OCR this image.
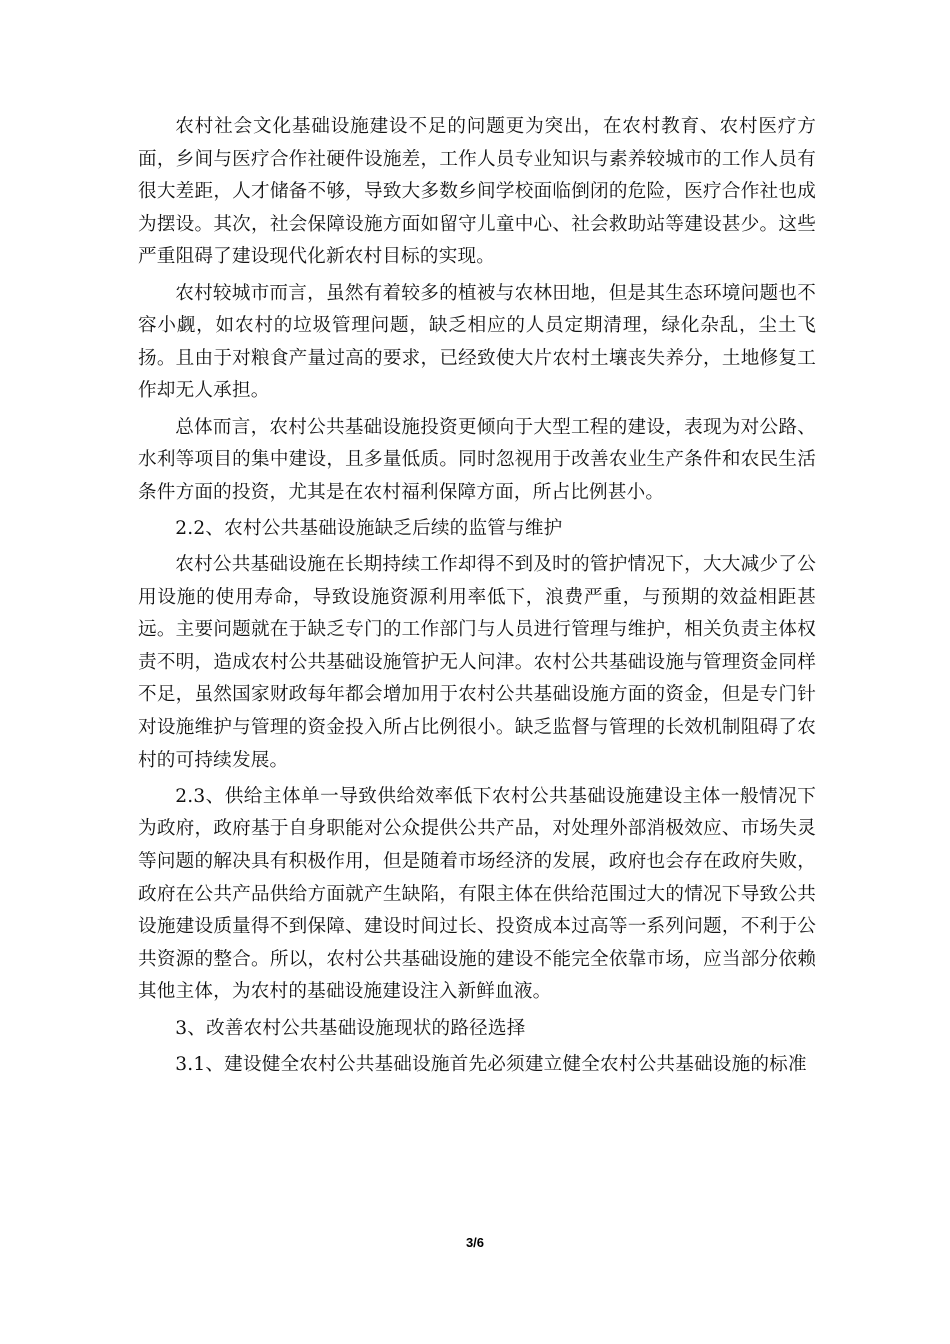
农村社会文化基础设施建设不足的问题更为突出，在农村教育、农村医疗方面，乡间与医疗合作社硬件设施差，工作人员专业知识与素养较城市的工作人员有很大差距，人才储备不够，导致大多数乡间学校面临倒闭的危险，医疗合作社也成为摆设。其次，社会保障设施方面如留守儿童中心、社会救助站等建设甚少。这些严重阻碍了建设现代化新农村目标的实现。

农村较城市而言，虽然有着较多的植被与农林田地，但是其生态环境问题也不容小觑，如农村的垃圾管理问题，缺乏相应的人员定期清理，绿化杂乱，尘土飞扬。且由于对粮食产量过高的要求，已经致使大片农村土壤丧失养分，土地修复工作却无人承担。

总体而言，农村公共基础设施投资更倾向于大型工程的建设，表现为对公路、水利等项目的集中建设，且多量低质。同时忽视用于改善农业生产条件和农民生活条件方面的投资，尤其是在农村福利保障方面，所占比例甚小。

2.2、农村公共基础设施缺乏后续的监管与维护

农村公共基础设施在长期持续工作却得不到及时的管护情况下，大大减少了公用设施的使用寿命，导致设施资源利用率低下，浪费严重，与预期的效益相距甚远。主要问题就在于缺乏专门的工作部门与人员进行管理与维护，相关负责主体权责不明，造成农村公共基础设施管护无人问津。农村公共基础设施与管理资金同样不足，虽然国家财政每年都会增加用于农村公共基础设施方面的资金，但是专门针对设施维护与管理的资金投入所占比例很小。缺乏监督与管理的长效机制阻碍了农村的可持续发展。

2.3、供给主体单一导致供给效率低下农村公共基础设施建设主体一般情况下为政府，政府基于自身职能对公众提供公共产品，对处理外部消极效应、市场失灵等问题的解决具有积极作用，但是随着市场经济的发展，政府也会存在政府失败，政府在公共产品供给方面就产生缺陷，有限主体在供给范围过大的情况下导致公共设施建设质量得不到保障、建设时间过长、投资成本过高等一系列问题，不利于公共资源的整合。所以，农村公共基础设施的建设不能完全依靠市场，应当部分依赖其他主体，为农村的基础设施建设注入新鲜血液。

3、改善农村公共基础设施现状的路径选择

3.1、建设健全农村公共基础设施首先必须建立健全农村公共基础设施的标准

3/6
